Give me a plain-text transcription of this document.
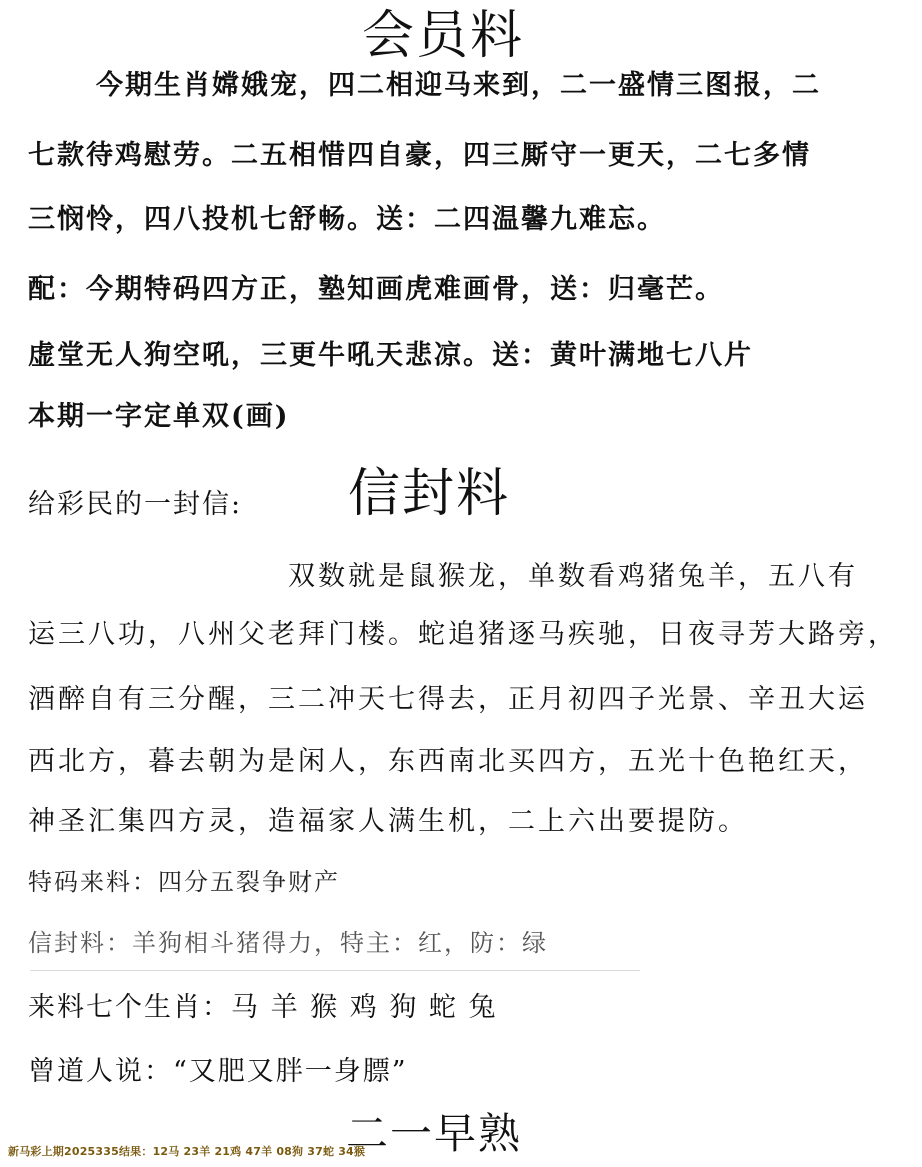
会员料
今期生肖嫦娥宠，四二相迎马来到，二一盛情三图报，二
七款待鸡慰劳。二五相惜四自豪，四三厮守一更天，二七多情
三悯怜，四八投机七舒畅。送：二四温馨九难忘。
配：今期特码四方正，塾知画虎难画骨，送：归毫芒。
虚堂无人狗空吼，三更牛吼天悲凉。送：黄叶满地七八片
本期一字定单双(画)
给彩民的一封信: 信封料
双数就是鼠猴龙，单数看鸡猪兔羊，五八有
运三八功，八州父老拜门楼。蛇追猪逐马疾驰，日夜寻芳大路旁，
酒醉自有三分醒，三二冲天七得去，正月初四子光景、辛丑大运
西北方，暮去朝为是闲人，东西南北买四方，五光十色艳红天，
神圣汇集四方灵，造福家人满生机，二上六出要提防。
特码来料：四分五裂争财产
信封料：羊狗相斗猪得力，特主：红，防：绿
来料七个生肖：马 羊 猴 鸡 狗 蛇 兔
曾道人说：“又肥又胖一身膘”
二一早熟
新马彩上期2025335结果：12马 23羊 21鸡 47羊 08狗 37蛇 34猴
